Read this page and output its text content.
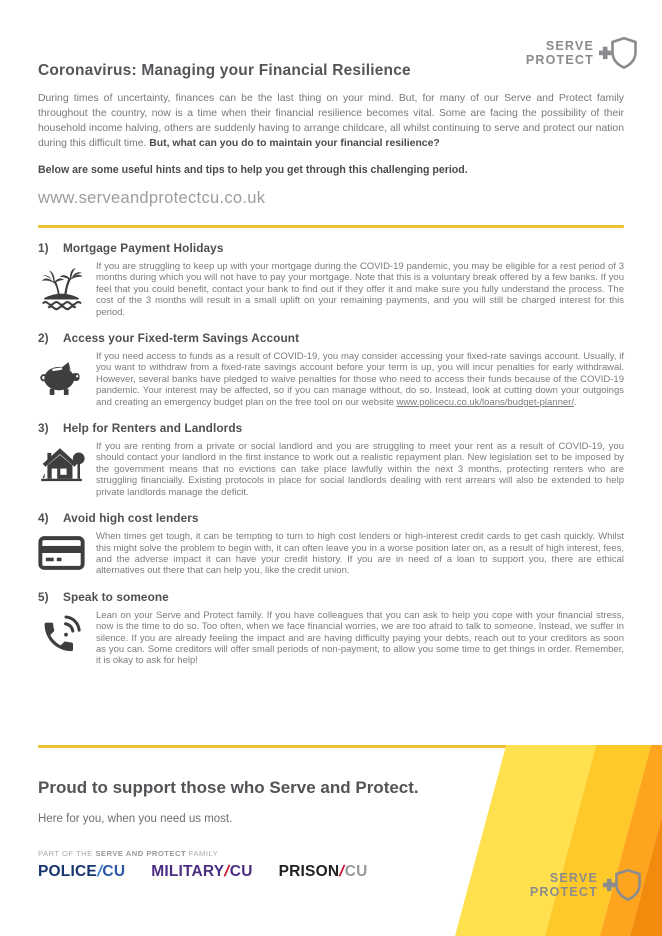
SERVE
PROTECT
Coronavirus: Managing your Financial Resilience

During times of uncertainty, finances can be the last thing on your mind. But, for many of our Serve and Protect family throughout the country, now is a time when their financial resilience becomes vital. Some are facing the possibility of their household income halving, others are suddenly having to arrange childcare, all whilst continuing to serve and protect our nation during this difficult time. But, what can you do to maintain your financial resilience?

Below are some useful hints and tips to help you get through this challenging period.

www.serveandprotectcu.co.uk
1)	Mortgage Payment Holidays
If you are struggling to keep up with your mortgage during the COVID-19 pandemic, you may be eligible for a rest period of 3 months during which you will not have to pay your mortgage. Note that this is a voluntary break offered by a few banks. If you feel that you could benefit, contact your bank to find out if they offer it and make sure you fully understand the process. The cost of the 3 months will result in a small uplift on your remaining payments, and you will still be charged interest for this period.
2)	Access your Fixed-term Savings Account
If you need access to funds as a result of COVID-19, you may consider accessing your fixed-rate savings account. Usually, if you want to withdraw from a fixed-rate savings account before your term is up, you will incur penalties for early withdrawal. However, several banks have pledged to waive penalties for those who need to access their funds because of the COVID-19 pandemic. Your interest may be affected, so if you can manage without, do so. Instead, look at cutting down your outgoings and creating an emergency budget plan on the free tool on our website www.policecu.co.uk/loans/budget-planner/.
3)	Help for Renters and Landlords
If you are renting from a private or social landlord and you are struggling to meet your rent as a result of COVID-19, you should contact your landlord in the first instance to work out a realistic repayment plan. New legislation set to be imposed by the government means that no evictions can take place lawfully within the next 3 months, protecting renters who are struggling financially. Existing protocols in place for social landlords dealing with rent arrears will also be extended to help private landlords manage the deficit.
4)	Avoid high cost lenders
When times get tough, it can be tempting to turn to high cost lenders or high-interest credit cards to get cash quickly. Whilst this might solve the problem to begin with, it can often leave you in a worse position later on, as a result of high interest, fees, and the adverse impact it can have your credit history. If you are in need of a loan to support you, there are ethical alternatives out there that can help you, like the credit union.
5)	Speak to someone
Lean on your Serve and Protect family. If you have colleagues that you can ask to help you cope with your financial stress, now is the time to do so. Too often, when we face financial worries, we are too afraid to talk to someone. Instead, we suffer in silence. If you are already feeling the impact and are having difficulty paying your debts, reach out to your creditors as soon as you can. Some creditors will offer small periods of non-payment, to allow you some time to get things in order. Remember, it is okay to ask for help!
Proud to support those who Serve and Protect.

Here for you, when you need us most.

PART OF THE SERVE AND PROTECT FAMILY

POLICE/CU MILITARY/CU PRISON/CU	SERVE
PROTECT
